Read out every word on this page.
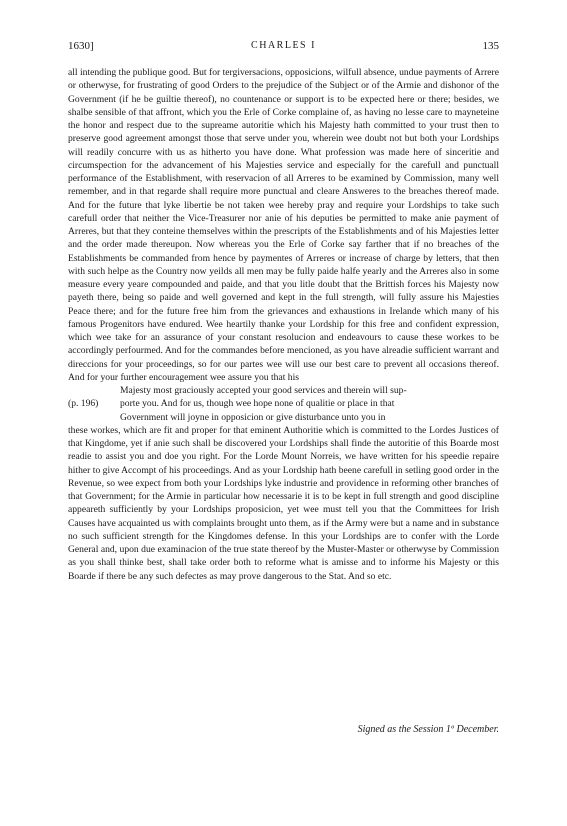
◯
1630]	CHARLES I	135

all intending the publique good. But for tergiversacions, opposicions, wilfull absence, undue payments of Arrere or otherwyse, for frustrating of good Orders to the prejudice of the Subject or of the Armie and dishonor of the Government (if he be guiltie thereof), no countenance or support is to be expected here or there; besides, we shalbe sensible of that affront, which you the Erle of Corke complaine of, as having no lesse care to mayneteine the honor and respect due to the supreame autoritie which his Majesty hath committed to your trust then to preserve good agreement amongst those that serve under you, wherein wee doubt not but both your Lordships will readily concurre with us as hitherto you have done. What profession was made here of sinceritie and circumspection for the advancement of his Majesties service and especially for the carefull and punctuall performance of the Establishment, with reservacion of all Arreres to be examined by Commission, many well remember, and in that regarde shall require more punctual and cleare Answeres to the breaches thereof made. And for the future that lyke libertie be not taken wee hereby pray and require your Lordships to take such carefull order that neither the Vice-Treasurer nor anie of his deputies be permitted to make anie payment of Arreres, but that they conteine themselves within the prescripts of the Establishments and of his Majesties letter and the order made thereupon. Now whereas you the Erle of Corke say farther that if no breaches of the Establishments be commanded from hence by paymentes of Arreres or increase of charge by letters, that then with such helpe as the Country now yeilds all men may be fully paide halfe yearly and the Arreres also in some measure every yeare compounded and paide, and that you litle doubt that the Brittish forces his Majesty now payeth there, being so paide and well governed and kept in the full strength, will fully assure his Majesties Peace there; and for the future free him from the grievances and exhaustions in Irelande which many of his famous Progenitors have endured. Wee heartily thanke your Lordship for this free and confident expression, which wee take for an assurance of your constant resolucion and endeavours to cause these workes to be accordingly perfourmed. And for the commandes before mencioned, as you have alreadie sufficient warrant and direccions for your proceedings, so for our partes wee will use our best care to prevent all occasions thereof. And for your further encouragement wee assure you that his

(p. 196)
Majesty most graciously accepted your good services and therein will sup-
porte you. And for us, though wee hope none of qualitie or place in that
Government will joyne in opposicion or give disturbance unto you in

these workes, which are fit and proper for that eminent Authoritie which is committed to the Lordes Justices of that Kingdome, yet if anie such shall be discovered your Lordships shall finde the autoritie of this Boarde most readie to assist you and doe you right. For the Lorde Mount Norreis, we have written for his speedie repaire hither to give Accompt of his proceedings. And as your Lordship hath beene carefull in setling good order in the Revenue, so wee expect from both your Lordships lyke industrie and providence in reforming other branches of that Government; for the Armie in particular how necessarie it is to be kept in full strength and good discipline appeareth sufficiently by your Lordships proposicion, yet wee must tell you that the Committees for Irish Causes have acquainted us with complaints brought unto them, as if the Army were but a name and in substance no such sufficient strength for the Kingdomes defense. In this your Lordships are to confer with the Lorde General and, upon due examinacion of the true state thereof by the Muster-Master or otherwyse by Commission as you shall thinke best, shall take order both to reforme what is amisse and to informe his Majesty or this Boarde if there be any such defectes as may prove dangerous to the Stat. And so etc.

Signed as the Session 1º December.
